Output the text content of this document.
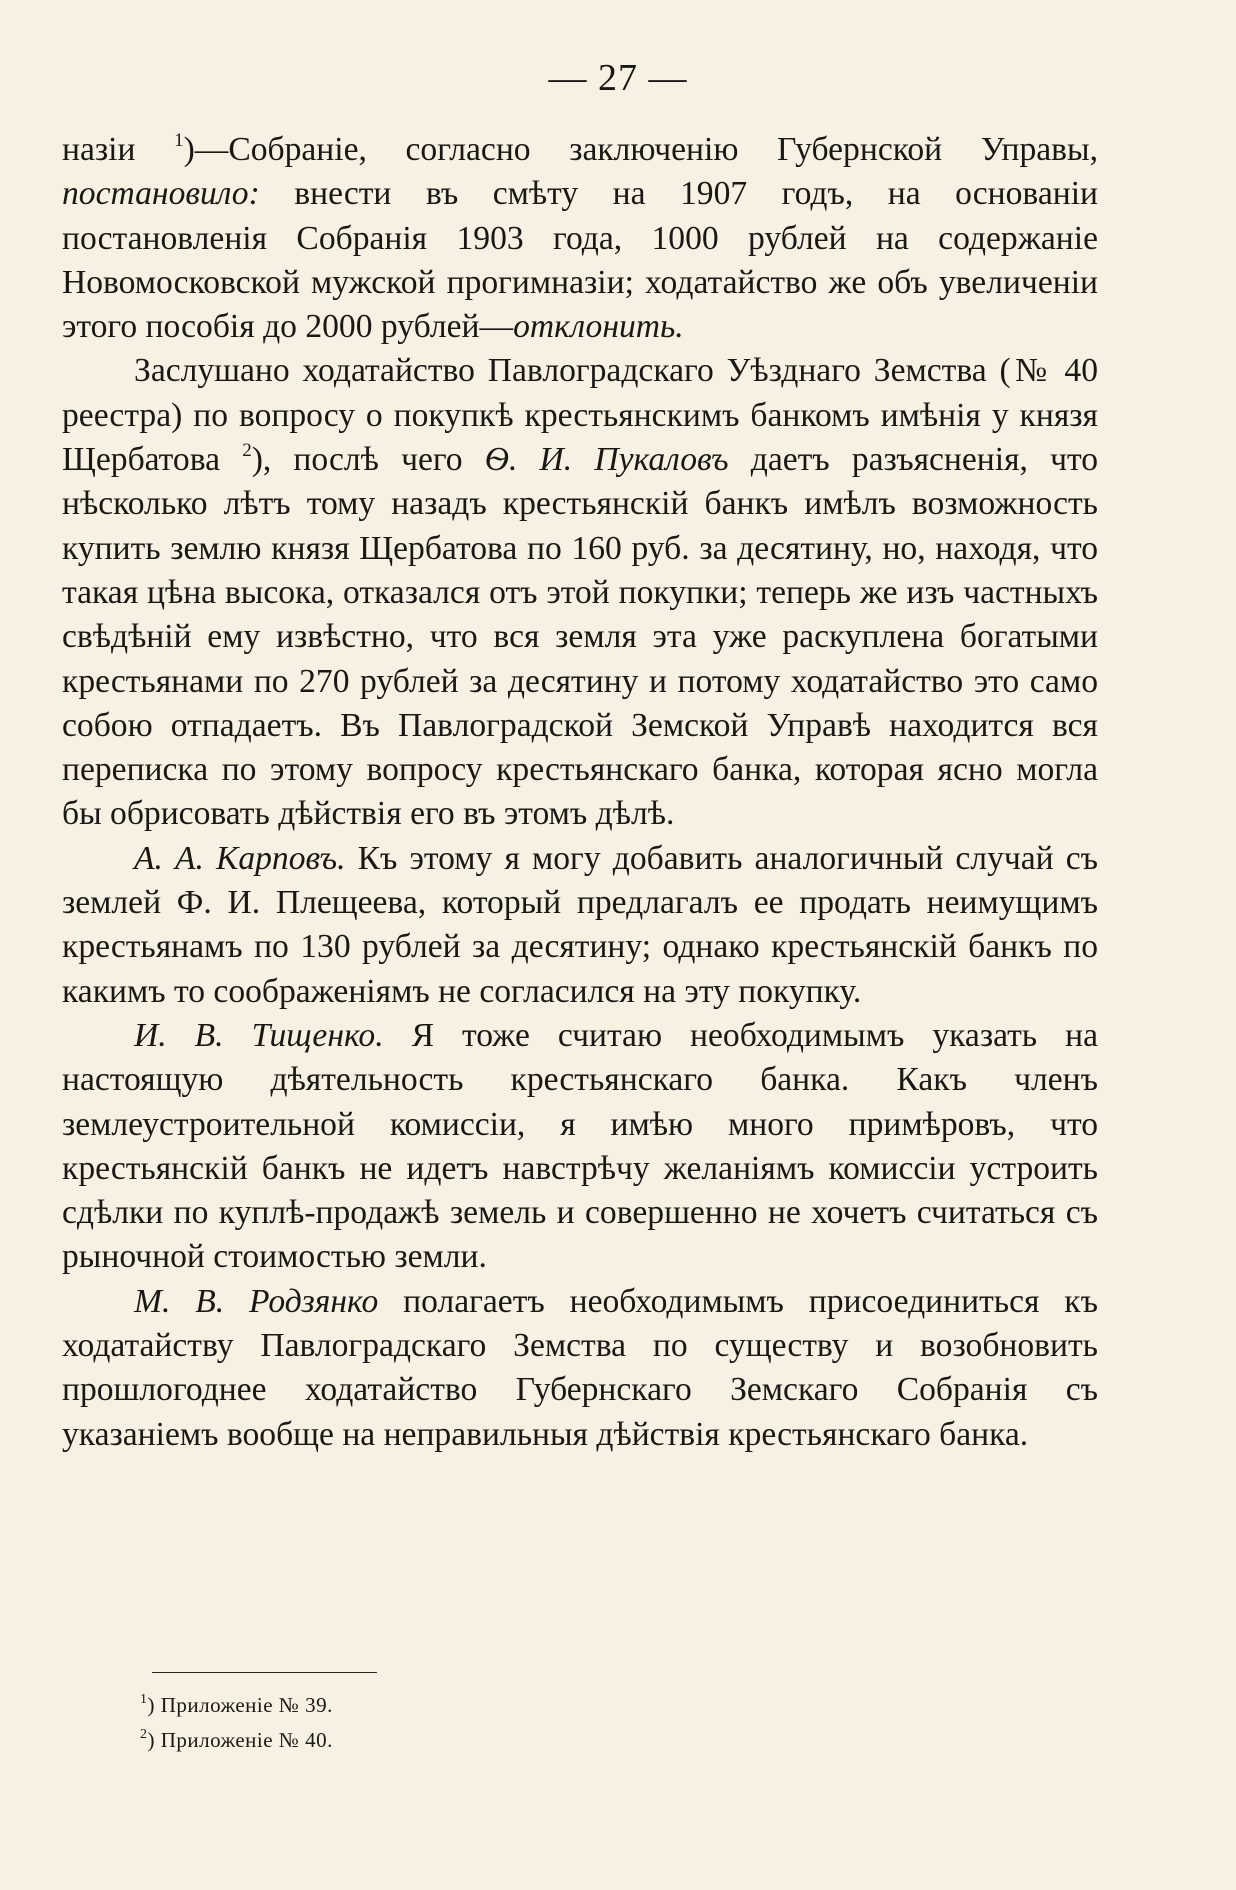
— 27 —

назіи $^1$)—Собраніе, согласно заключенію Губернской Управы, постановило: внести въ смѣту на 1907 годъ, на основаніи постановленія Собранія 1903 года, 1000 рублей на содержаніе Новомосковской мужской прогимназіи; ходатайство же объ увеличеніи этого пособія до 2000 рублей—отклонить.

Заслушано ходатайство Павлоградскаго Уѣзднаго Земства (№ 40 реестра) по вопросу о покупкѣ крестьянскимъ банкомъ имѣнія у князя Щербатова $^2$), послѣ чего Ѳ. И. Пукаловъ даетъ разъясненія, что нѣсколько лѣтъ тому назадъ крестьянскій банкъ имѣлъ возможность купить землю князя Щербатова по 160 руб. за десятину, но, находя, что такая цѣна высока, отказался отъ этой покупки; теперь же изъ частныхъ свѣдѣній ему извѣстно, что вся земля эта уже раскуплена богатыми крестьянами по 270 рублей за десятину и потому ходатайство это само собою отпадаетъ. Въ Павлоградской Земской Управѣ находится вся переписка по этому вопросу крестьянскаго банка, которая ясно могла бы обрисовать дѣйствія его въ этомъ дѣлѣ.

А. А. Карповъ. Къ этому я могу добавить аналогичный случай съ землей Ф. И. Плещеева, который предлагалъ ее продать неимущимъ крестьянамъ по 130 рублей за десятину; однако крестьянскій банкъ по какимъ то соображеніямъ не согласился на эту покупку.

И. В. Тищенко. Я тоже считаю необходимымъ указать на настоящую дѣятельность крестьянскаго банка. Какъ членъ землеустроительной комиссіи, я имѣю много примѣровъ, что крестьянскій банкъ не идетъ навстрѣчу желаніямъ комиссіи устроить сдѣлки по куплѣ-продажѣ земель и совершенно не хочетъ считаться съ рыночной стоимостью земли.

М. В. Родзянко полагаетъ необходимымъ присоединиться къ ходатайству Павлоградскаго Земства по существу и возобновить прошлогоднее ходатайство Губернскаго Земскаго Собранія съ указаніемъ вообще на неправильныя дѣйствія крестьянскаго банка.

$^1$) Приложеніе № 39.

$^2$) Приложеніе № 40.
